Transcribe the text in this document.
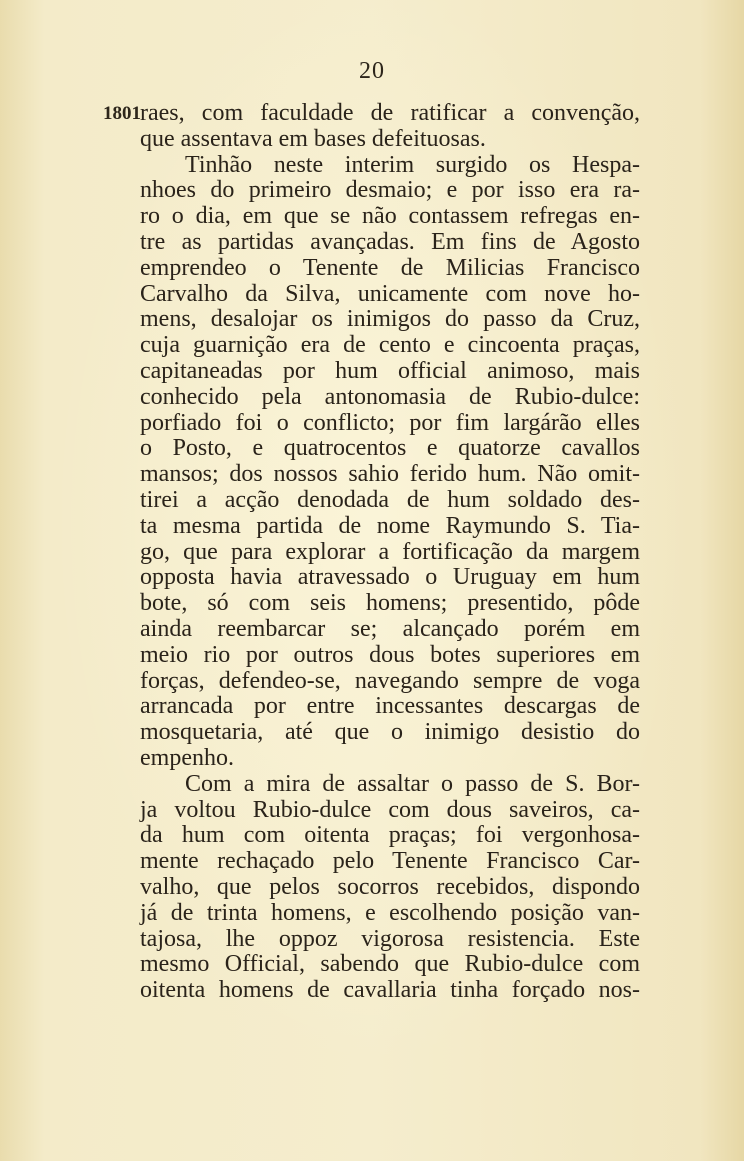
20
1801 raes, com faculdade de ratificar a convenção,
que assentava em bases defeituosas.
Tinhão neste interim surgido os Hespa-
nhoes do primeiro desmaio; e por isso era ra-
ro o dia, em que se não contassem refregas en-
tre as partidas avançadas. Em fins de Agosto
emprendeo o Tenente de Milicias Francisco
Carvalho da Silva, unicamente com nove ho-
mens, desalojar os inimigos do passo da Cruz,
cuja guarnição era de cento e cincoenta praças,
capitaneadas por hum official animoso, mais
conhecido pela antonomasia de Rubio-dulce:
porfiado foi o conflicto; por fim largárão elles
o Posto, e quatrocentos e quatorze cavallos
mansos; dos nossos sahio ferido hum. Não omit-
tirei a acção denodada de hum soldado des-
ta mesma partida de nome Raymundo S. Tia-
go, que para explorar a fortificação da margem
opposta havia atravessado o Uruguay em hum
bote, só com seis homens; presentido, pôde
ainda reembarcar se; alcançado porém em
meio rio por outros dous botes superiores em
forças, defendeo-se, navegando sempre de voga
arrancada por entre incessantes descargas de
mosquetaria, até que o inimigo desistio do
empenho.
Com a mira de assaltar o passo de S. Bor-
ja voltou Rubio-dulce com dous saveiros, ca-
da hum com oitenta praças; foi vergonhosa-
mente rechaçado pelo Tenente Francisco Car-
valho, que pelos socorros recebidos, dispondo
já de trinta homens, e escolhendo posição van-
tajosa, lhe oppoz vigorosa resistencia. Este
mesmo Official, sabendo que Rubio-dulce com
oitenta homens de cavallaria tinha forçado nos-
